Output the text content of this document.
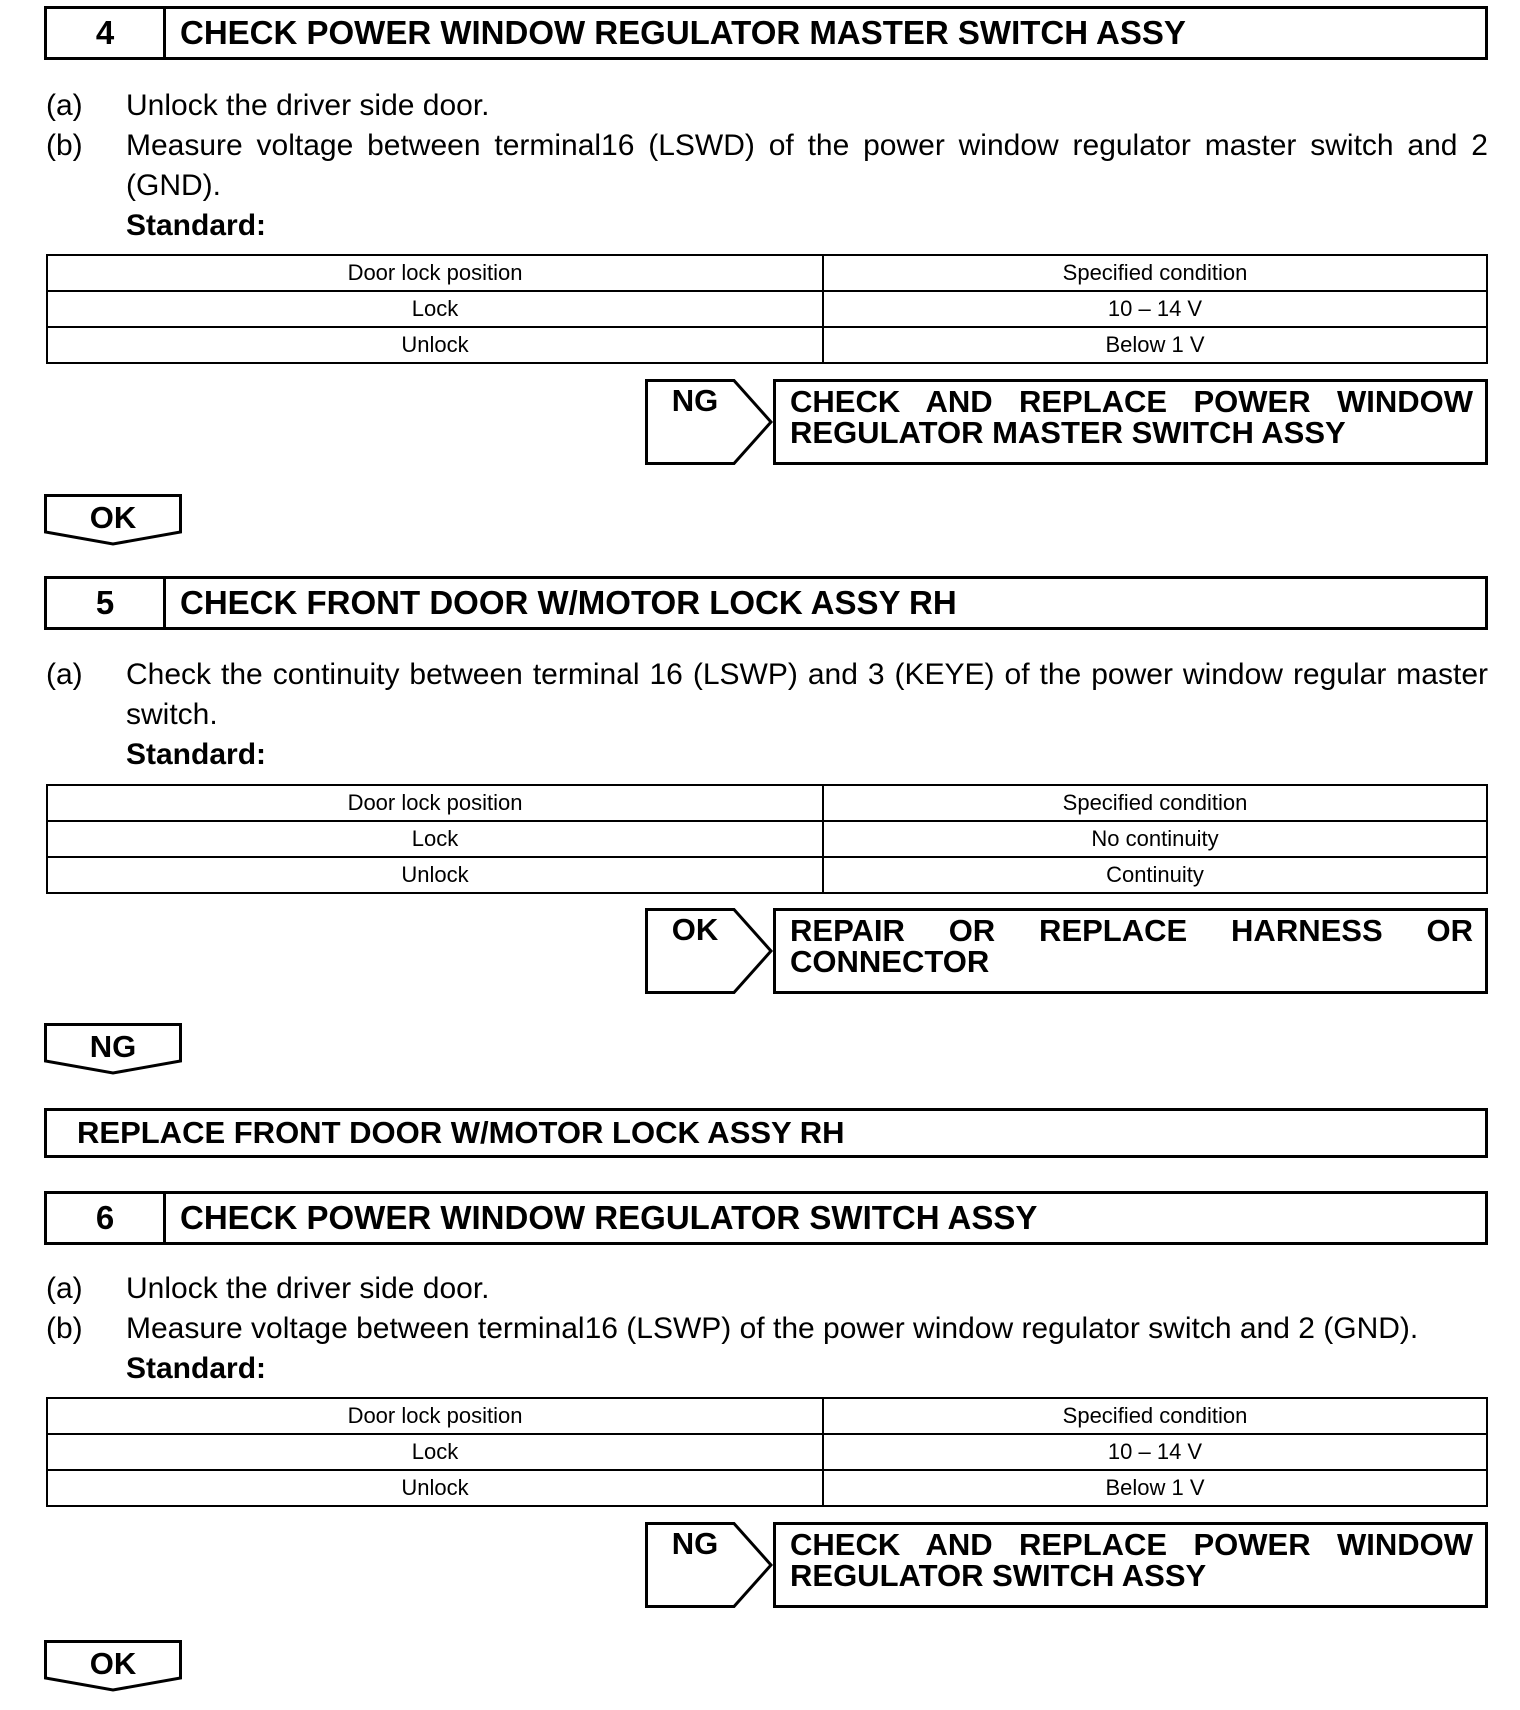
4	CHECK POWER WINDOW REGULATOR MASTER SWITCH ASSY
(a) Unlock the driver side door.
(b) Measure voltage between terminal16 (LSWD) of the power window regulator master switch and 2 (GND).
Standard:
Door lock position	Specified condition
Lock	10 – 14 V
Unlock	Below 1 V
NG	CHECK AND REPLACE POWER WINDOW
REGULATOR MASTER SWITCH ASSY
OK
5	CHECK FRONT DOOR W/MOTOR LOCK ASSY RH
(a) Check the continuity between terminal 16 (LSWP) and 3 (KEYE) of the power window regular master switch.
Standard:
Door lock position	Specified condition
Lock	No continuity
Unlock	Continuity
OK	REPAIR OR REPLACE HARNESS OR
CONNECTOR
NG
REPLACE FRONT DOOR W/MOTOR LOCK ASSY RH
6	CHECK POWER WINDOW REGULATOR SWITCH ASSY
(a) Unlock the driver side door.
(b) Measure voltage between terminal16 (LSWP) of the power window regulator switch and 2 (GND).
Standard:
Door lock position	Specified condition
Lock	10 – 14 V
Unlock	Below 1 V
NG	CHECK AND REPLACE POWER WINDOW
REGULATOR SWITCH ASSY
OK
